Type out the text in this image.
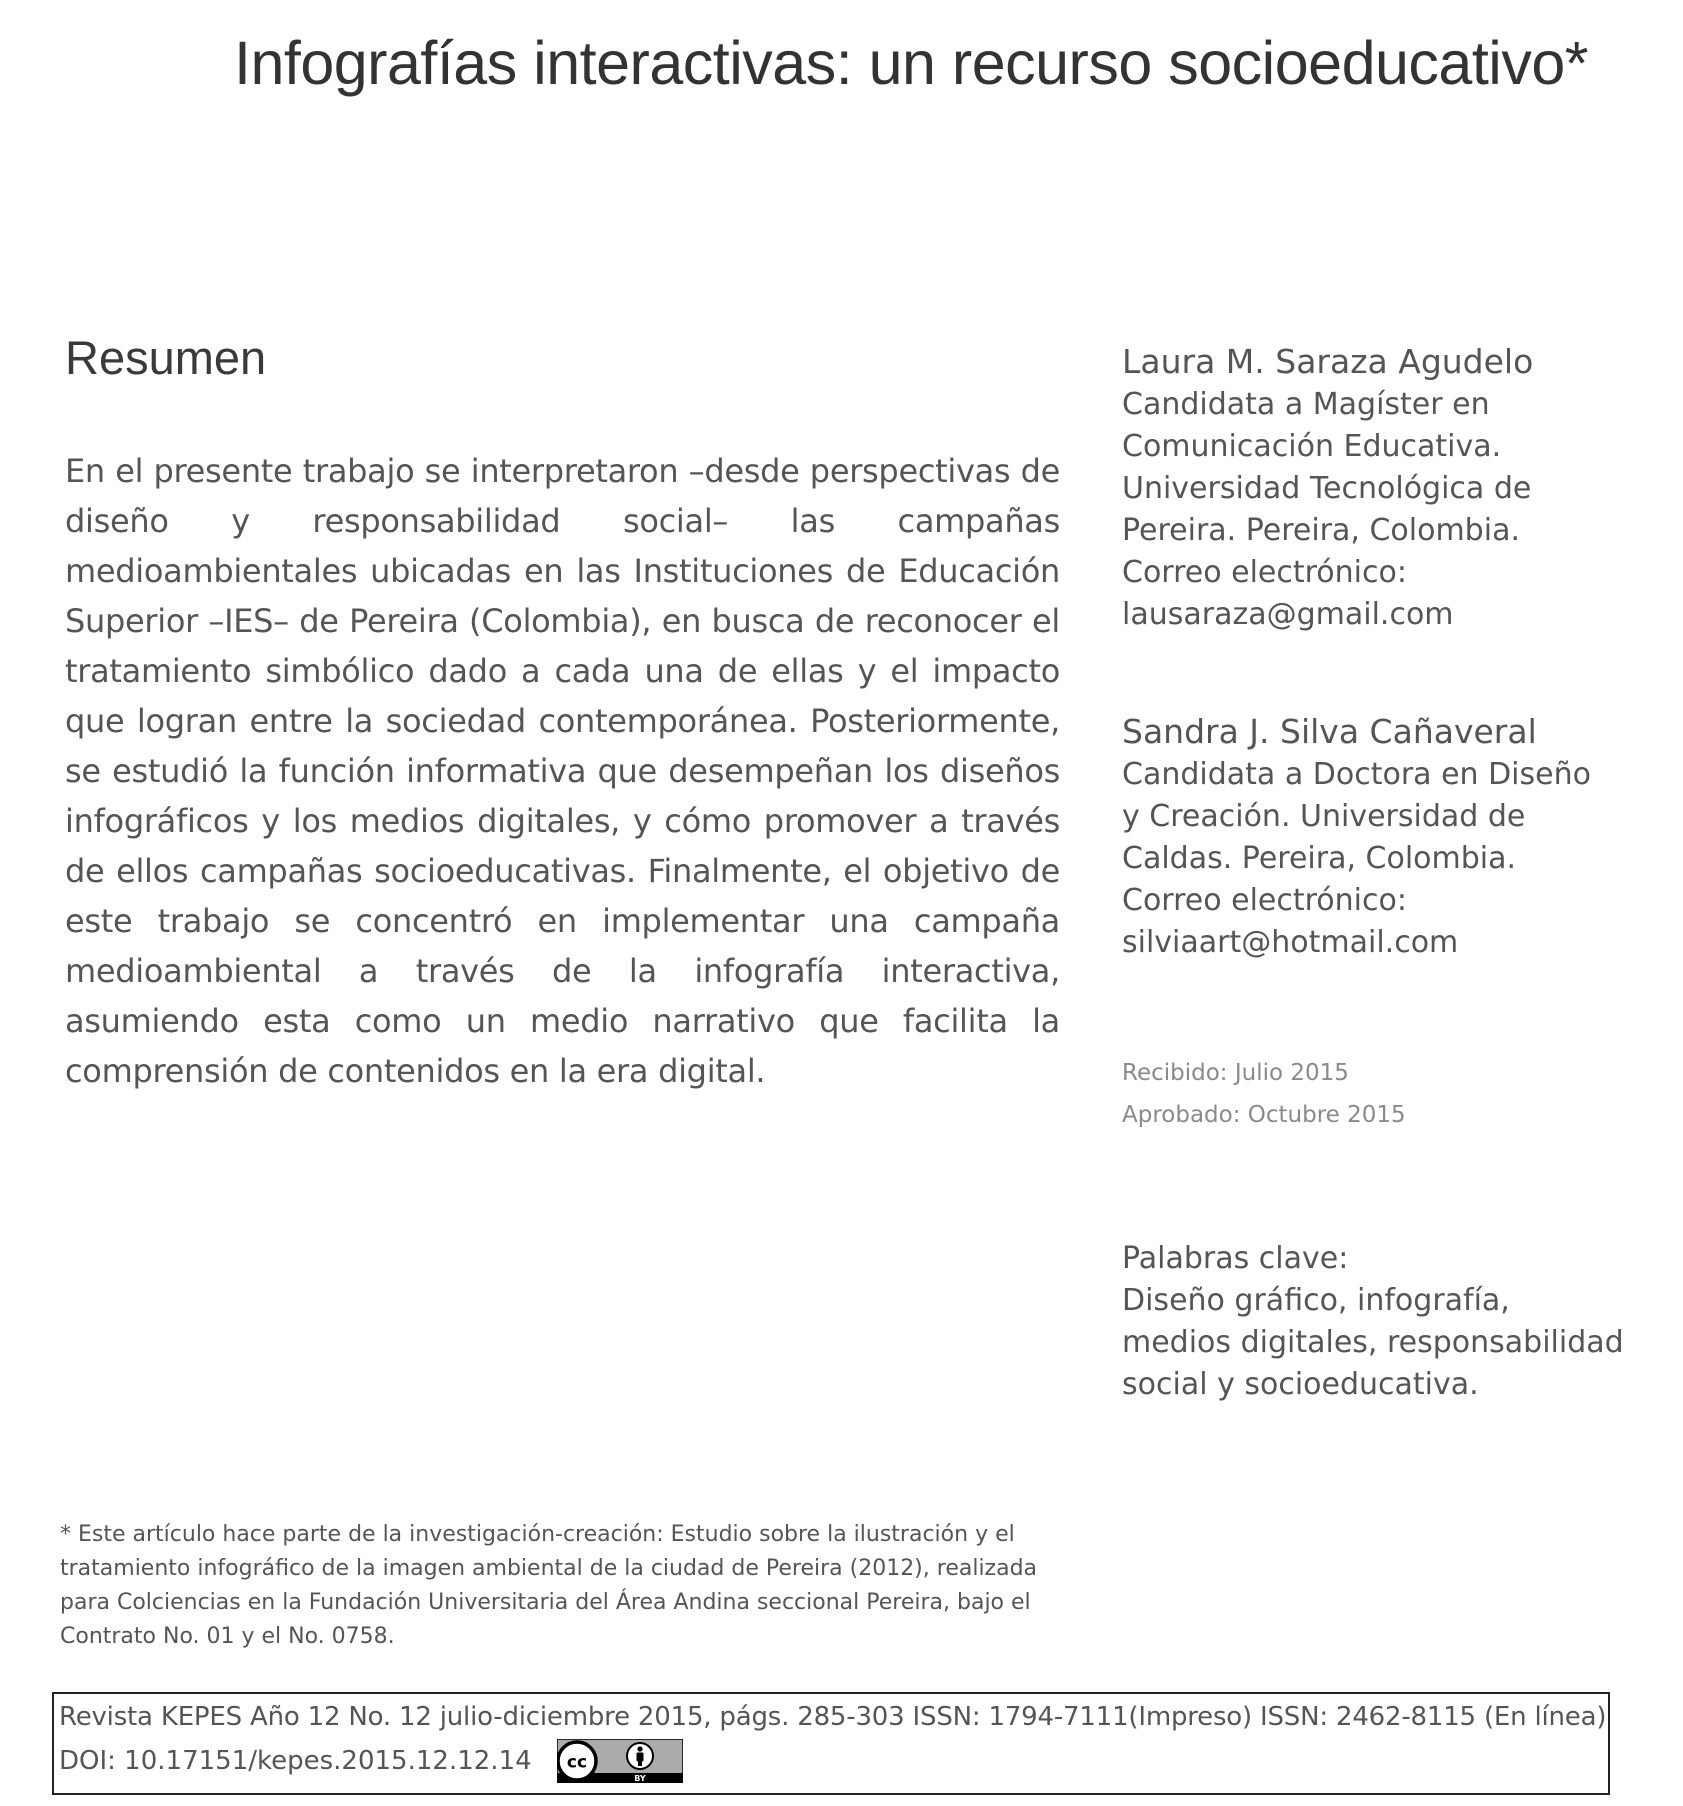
Infografías interactivas: un recurso socioeducativo*
Resumen

En el presente trabajo se interpretaron –desde perspectivas de diseño y responsabilidad social– las campañas medioambientales ubicadas en las Instituciones de Educación Superior –IES– de Pereira (Colombia), en busca de reconocer el tratamiento simbólico dado a cada una de ellas y el impacto que logran entre la sociedad contemporánea. Posteriormente, se estudió la función informativa que desempeñan los diseños infográficos y los medios digitales, y cómo promover a través de ellos campañas socioeducativas. Finalmente, el objetivo de este trabajo se concentró en implementar una campaña medioambiental a través de la infografía interactiva, asumiendo esta como un medio narrativo que facilita la comprensión de contenidos en la era digital.

Laura M. Saraza Agudelo
Candidata a Magíster en
Comunicación Educativa.
Universidad Tecnológica de
Pereira. Pereira, Colombia.
Correo electrónico:
lausaraza@gmail.com
Sandra J. Silva Cañaveral
Candidata a Doctora en Diseño
y Creación. Universidad de
Caldas. Pereira, Colombia.
Correo electrónico:
silviaart@hotmail.com
Recibido: Julio 2015
Aprobado: Octubre 2015
Palabras clave:
Diseño gráfico, infografía,
medios digitales, responsabilidad
social y socioeducativa.
* Este artículo hace parte de la investigación-creación: Estudio sobre la ilustración y el
tratamiento infográfico de la imagen ambiental de la ciudad de Pereira (2012), realizada
para Colciencias en la Fundación Universitaria del Área Andina seccional Pereira, bajo el
Contrato No. 01 y el No. 0758.
Revista KEPES Año 12 No. 12 julio-diciembre 2015, págs. 285-303 ISSN: 1794-7111(Impreso) ISSN: 2462-8115 (En línea)
DOI: 10.17151/kepes.2015.12.12.14 cc
BY
